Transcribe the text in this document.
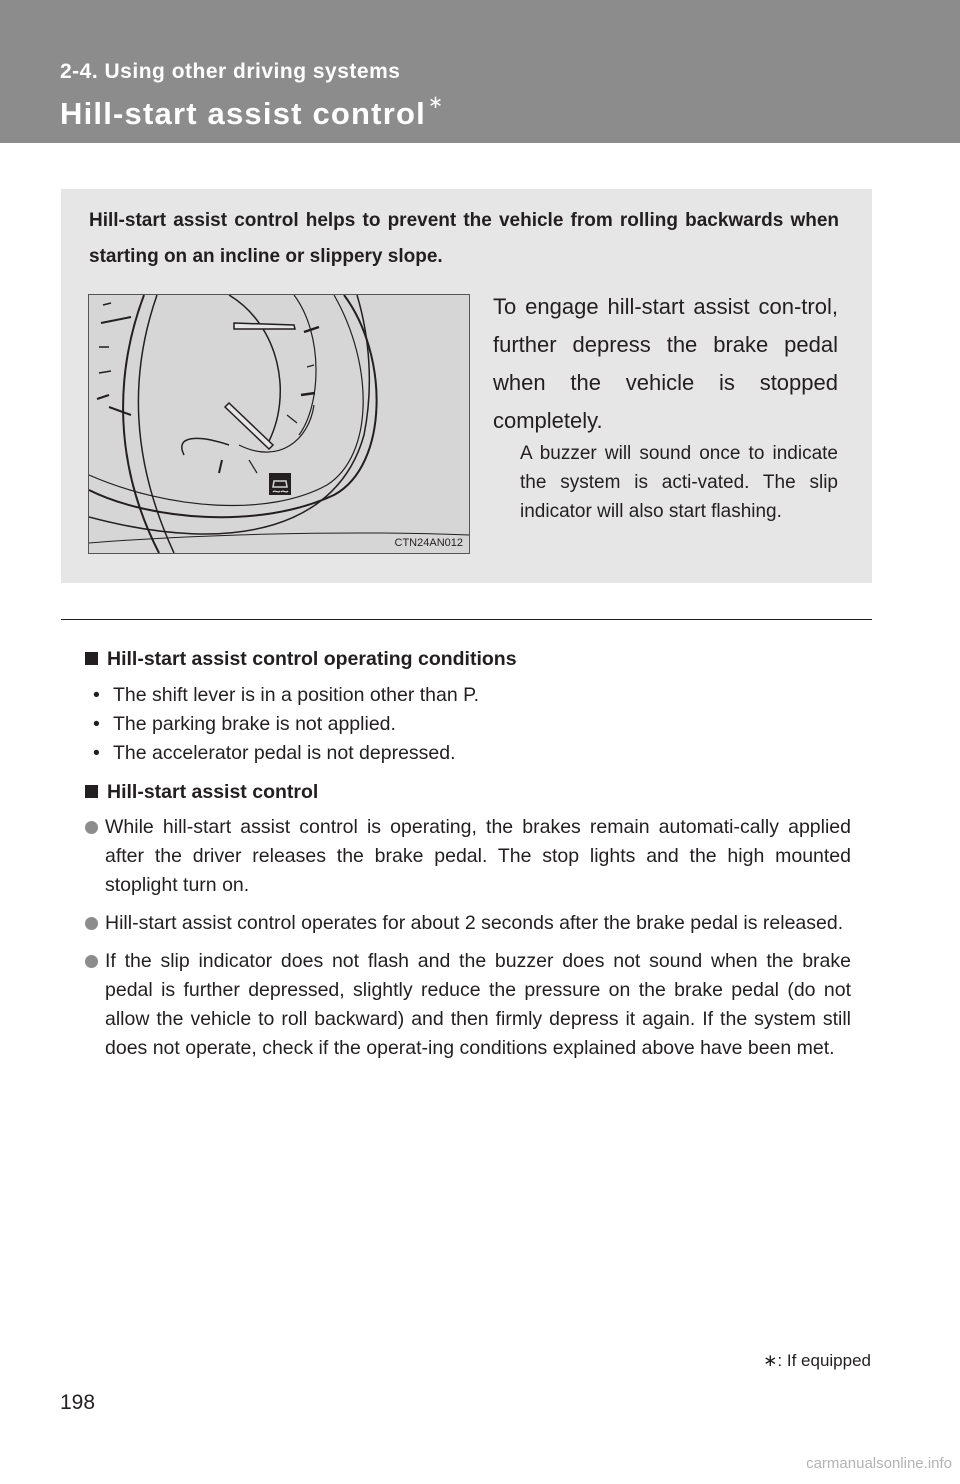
2-4. Using other driving systems
Hill-start assist control ∗
Hill-start assist control helps to prevent the vehicle from rolling backwards when starting on an incline or slippery slope.
CTN24AN012
To engage hill-start assist con-trol, further depress the brake pedal when the vehicle is stopped completely.
A buzzer will sound once to indicate the system is acti-vated. The slip indicator will also start flashing.
Hill-start assist control operating conditions
• The shift lever is in a position other than P.
• The parking brake is not applied.
• The accelerator pedal is not depressed.
Hill-start assist control
While hill-start assist control is operating, the brakes remain automati-cally applied after the driver releases the brake pedal. The stop lights and the high mounted stoplight turn on.
Hill-start assist control operates for about 2 seconds after the brake pedal is released.
If the slip indicator does not flash and the buzzer does not sound when the brake pedal is further depressed, slightly reduce the pressure on the brake pedal (do not allow the vehicle to roll backward) and then firmly depress it again. If the system still does not operate, check if the operat-ing conditions explained above have been met.
∗: If equipped
198
carmanualsonline.info
